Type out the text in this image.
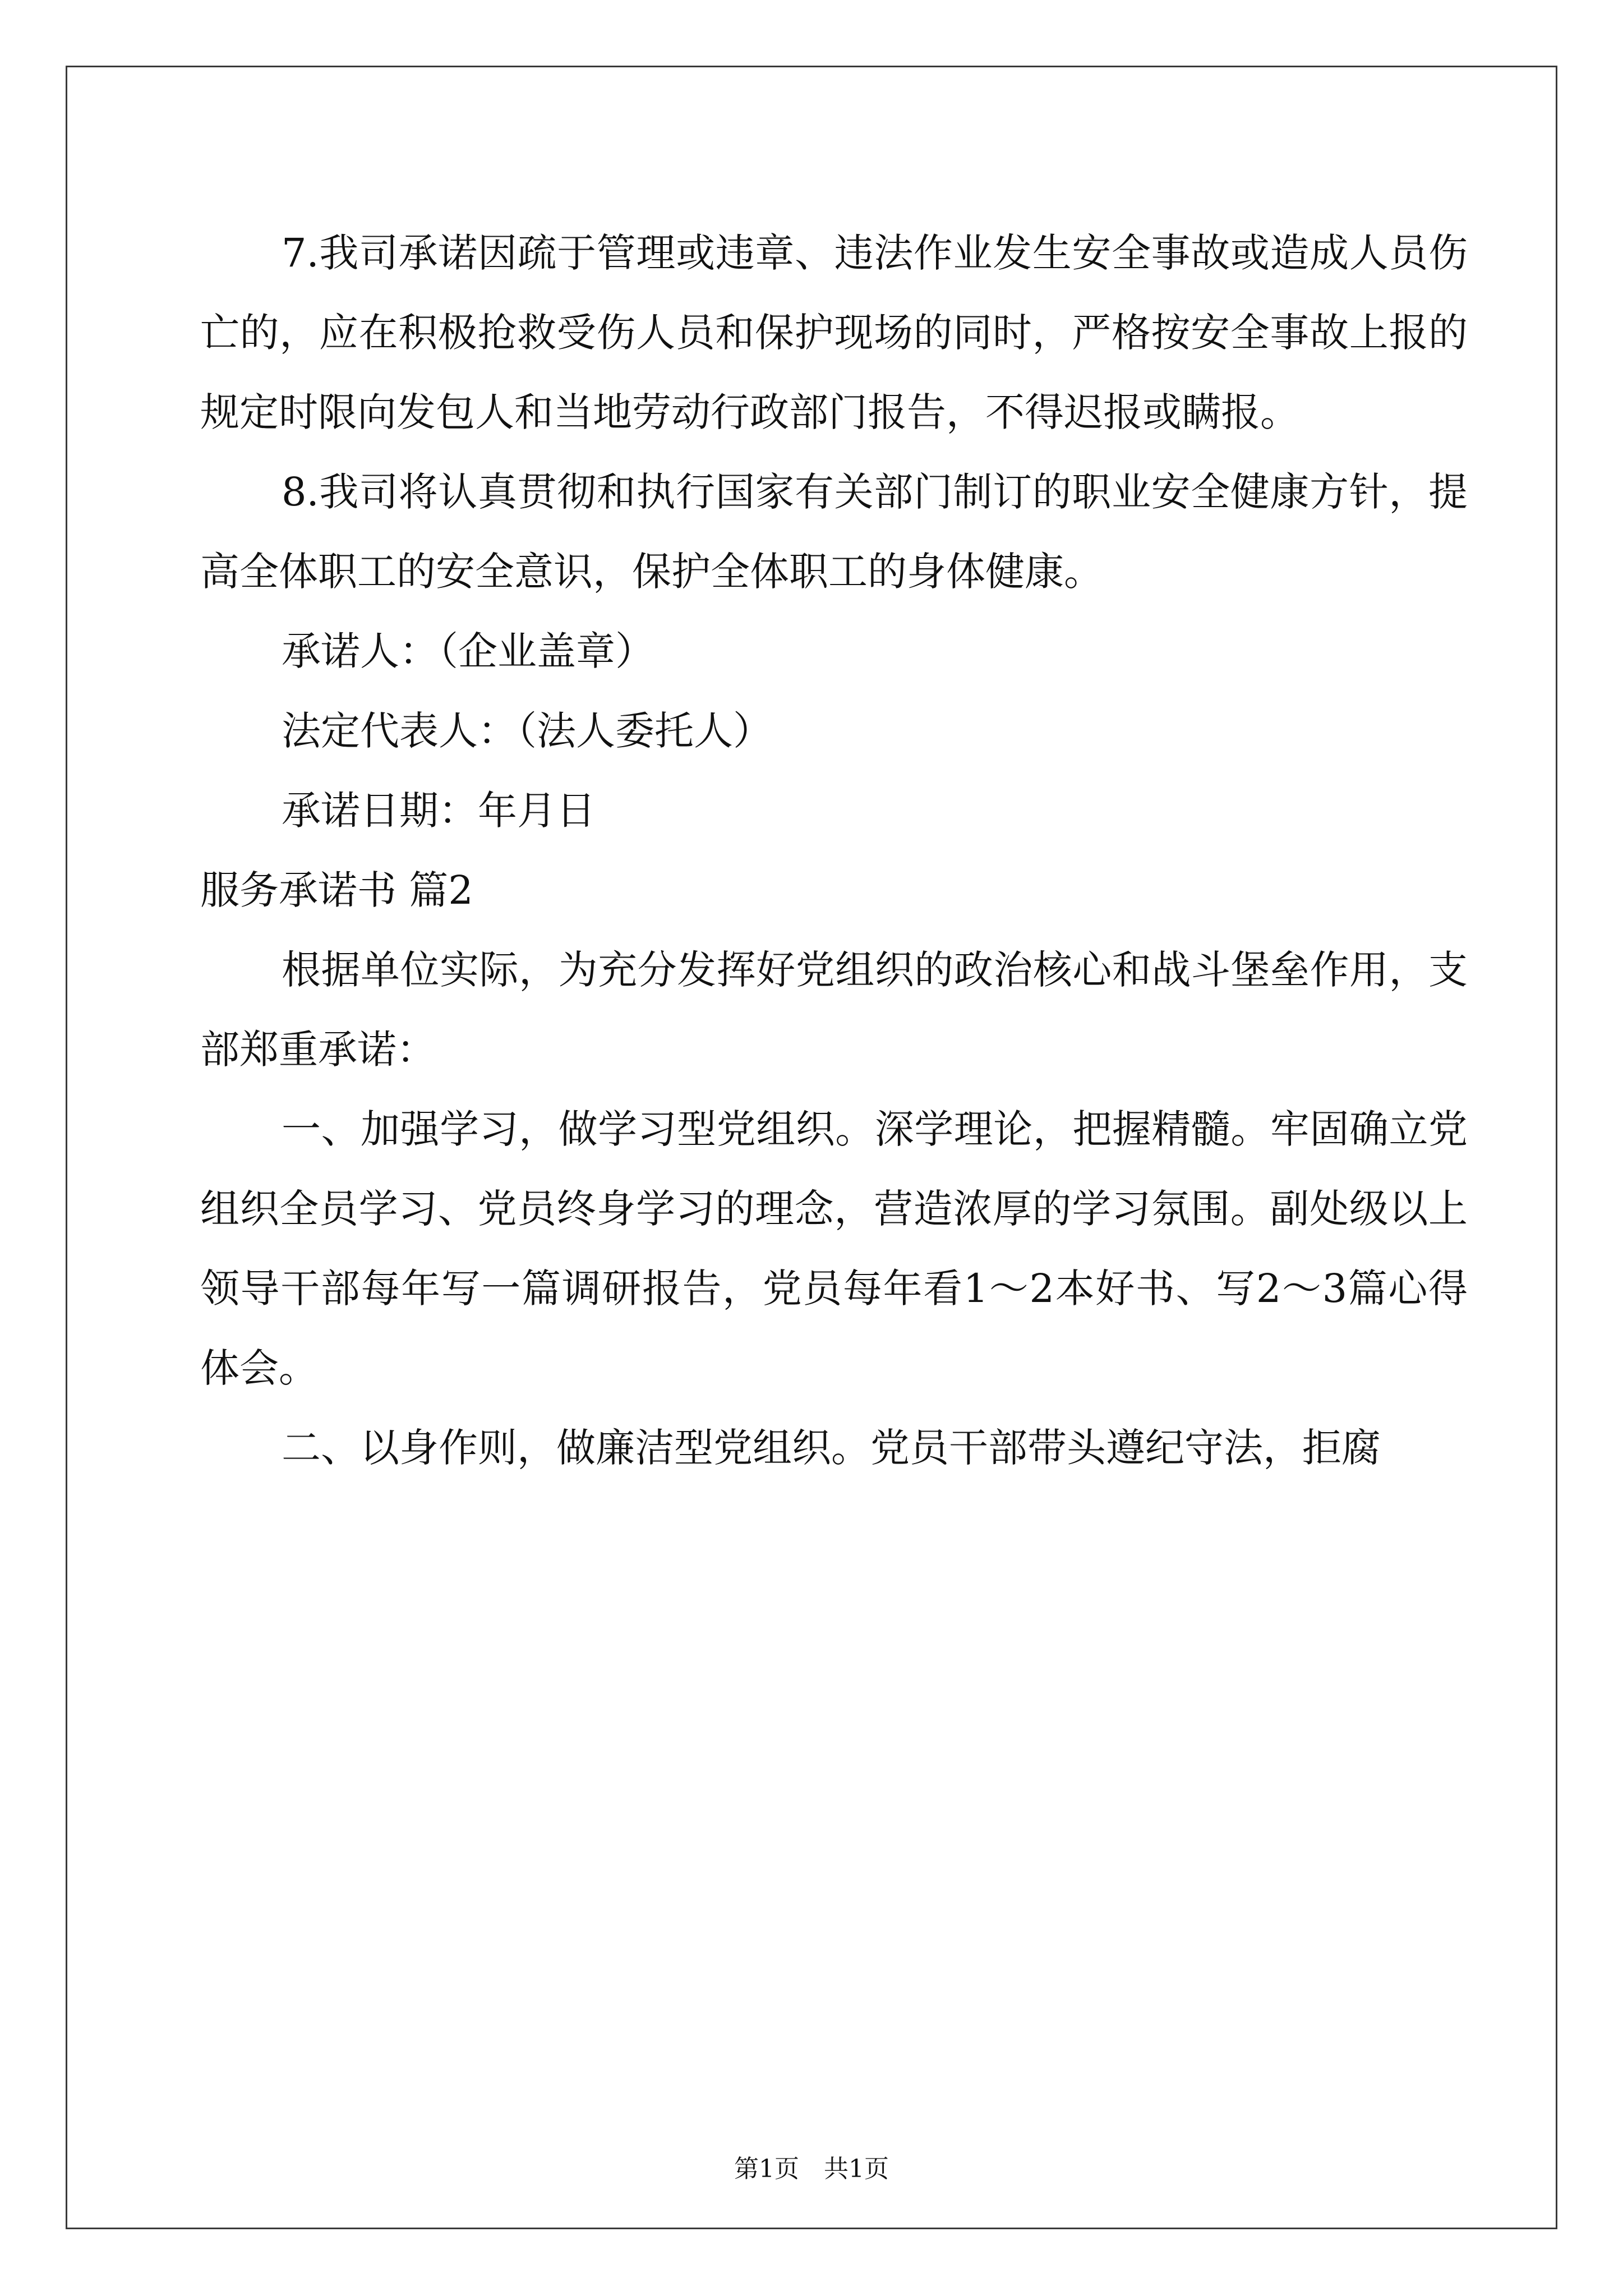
7.我司承诺因疏于管理或违章、违法作业发生安全事故或造成人员伤亡的，应在积极抢救受伤人员和保护现场的同时，严格按安全事故上报的规定时限向发包人和当地劳动行政部门报告，不得迟报或瞒报。

8.我司将认真贯彻和执行国家有关部门制订的职业安全健康方针，提高全体职工的安全意识，保护全体职工的身体健康。

承诺人：（企业盖章）

法定代表人：（法人委托人）

承诺日期：年月日

服务承诺书 篇2

根据单位实际，为充分发挥好党组织的政治核心和战斗堡垒作用，支部郑重承诺：

一、加强学习，做学习型党组织。深学理论，把握精髓。牢固确立党组织全员学习、党员终身学习的理念，营造浓厚的学习氛围。副处级以上领导干部每年写一篇调研报告，党员每年看1～2本好书、写2～3篇心得体会。

二、以身作则，做廉洁型党组织。党员干部带头遵纪守法，拒腐

第1页　共1页
